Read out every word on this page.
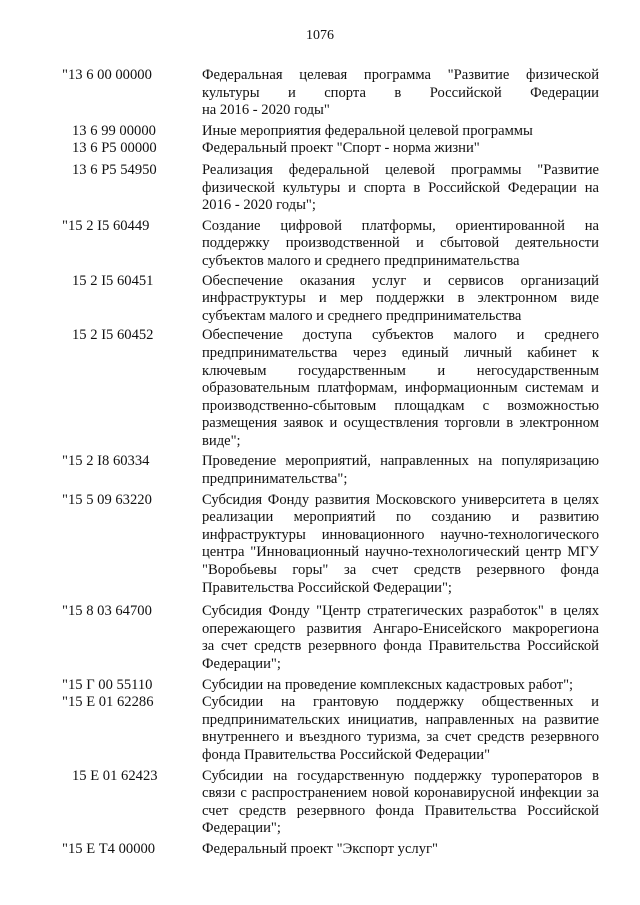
1076
"13 6 00 00000	Федеральная целевая программа "Развитие физической
культуры и спорта в Российской Федерации
на 2016 - 2020 годы"
13 6 99 00000	Иные мероприятия федеральной целевой программы
13 6 Р5 00000	Федеральный проект "Спорт - норма жизни"
13 6 Р5 54950	Реализация федеральной целевой программы "Развитие
физической культуры и спорта в Российской Федерации на
2016 - 2020 годы";
"15 2 I5 60449	Создание цифровой платформы, ориентированной на
поддержку производственной и сбытовой деятельности
субъектов малого и среднего предпринимательства
15 2 I5 60451	Обеспечение оказания услуг и сервисов организаций
инфраструктуры и мер поддержки в электронном виде
субъектам малого и среднего предпринимательства
15 2 I5 60452	Обеспечение доступа субъектов малого и среднего
предпринимательства через единый личный кабинет к
ключевым государственным и негосударственным
образовательным платформам, информационным системам и
производственно-сбытовым площадкам с возможностью
размещения заявок и осуществления торговли в электронном
виде";
"15 2 I8 60334	Проведение мероприятий, направленных на популяризацию
предпринимательства";
"15 5 09 63220	Субсидия Фонду развития Московского университета в целях
реализации мероприятий по созданию и развитию
инфраструктуры инновационного научно-технологического
центра "Инновационный научно-технологический центр МГУ
"Воробьевы горы" за счет средств резервного фонда
Правительства Российской Федерации";
"15 8 03 64700	Субсидия Фонду "Центр стратегических разработок" в целях
опережающего развития Ангаро-Енисейского макрорегиона
за счет средств резервного фонда Правительства Российской
Федерации";
"15 Г 00 55110	Субсидии на проведение комплексных кадастровых работ";
"15 Е 01 62286	Субсидии на грантовую поддержку общественных и
предпринимательских инициатив, направленных на развитие
внутреннего и въездного туризма, за счет средств резервного
фонда Правительства Российской Федерации"
15 Е 01 62423	Субсидии на государственную поддержку туроператоров в
связи с распространением новой коронавирусной инфекции за
счет средств резервного фонда Правительства Российской
Федерации";
"15 Е Т4 00000	Федеральный проект "Экспорт услуг"
